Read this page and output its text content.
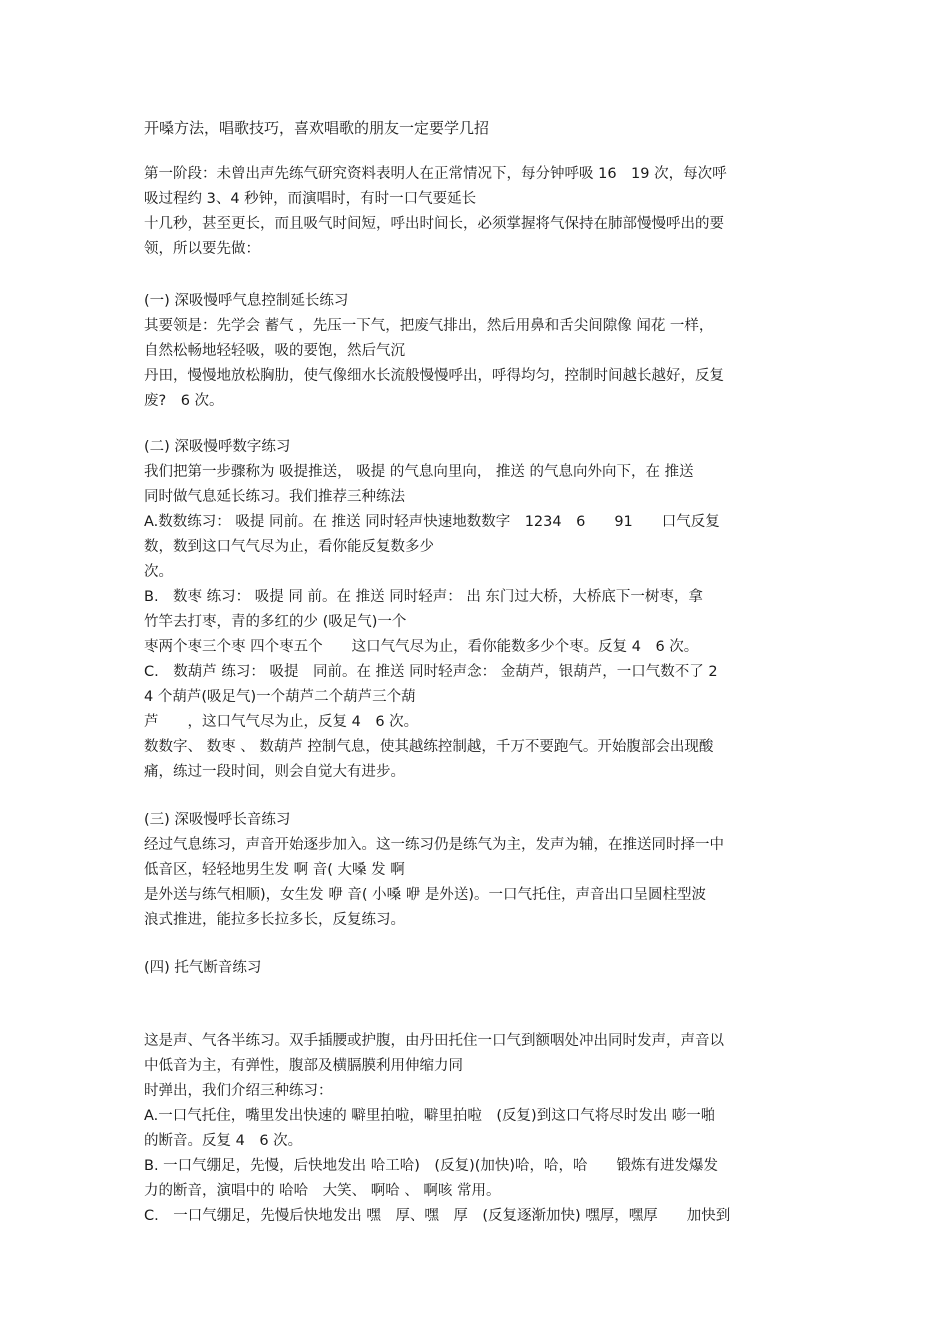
开嗓方法，唱歌技巧，喜欢唱歌的朋友一定要学几招
第一阶段：未曾出声先练气研究资料表明人在正常情况下，每分钟呼吸 16　19 次，每次呼
吸过程约 3、4 秒钟，而演唱时，有时一口气要延长
十几秒，甚至更长，而且吸气时间短，呼出时间长，必须掌握将气保持在肺部慢慢呼出的要
领，所以要先做：
(一) 深吸慢呼气息控制延长练习
其要领是：先学会 蓄气 ，先压一下气，把废气排出，然后用鼻和舌尖间隙像 闻花 一样，
自然松畅地轻轻吸，吸的要饱，然后气沉
丹田，慢慢地放松胸肋，使气像细水长流般慢慢呼出，呼得均匀，控制时间越长越好，反复
废?　6 次。
(二) 深吸慢呼数字练习
我们把第一步骤称为 吸提推送， 吸提 的气息向里向， 推送 的气息向外向下，在 推送
同时做气息延长练习。我们推荐三种练法
A.数数练习： 吸提 同前。在 推送 同时轻声快速地数数字　1234　6　　91　　口气反复
数，数到这口气气尽为止，看你能反复数多少
次。
B.　数枣 练习： 吸提 同 前。在 推送 同时轻声： 出 东门过大桥，大桥底下一树枣，拿
竹竿去打枣，青的多红的少 (吸足气)一个
枣两个枣三个枣 四个枣五个　　这口气气尽为止，看你能数多少个枣。反复 4　6 次。
C.　数葫芦 练习： 吸提　同前。在 推送 同时轻声念： 金葫芦，银葫芦，一口气数不了 2
4 个葫芦(吸足气)一个葫芦二个葫芦三个葫
芦　　，这口气气尽为止，反复 4　6 次。
数数字、 数枣 、 数葫芦 控制气息，使其越练控制越，千万不要跑气。开始腹部会出现酸
痛，练过一段时间，则会自觉大有进步。
(三) 深吸慢呼长音练习
经过气息练习，声音开始逐步加入。这一练习仍是练气为主，发声为辅，在推送同时择一中
低音区，轻轻地男生发 啊 音( 大嗓 发 啊
是外送与练气相顺)，女生发 咿 音( 小嗓 咿 是外送)。一口气托住，声音出口呈圆柱型波
浪式推进，能拉多长拉多长，反复练习。
(四) 托气断音练习
这是声、气各半练习。双手插腰或护腹，由丹田托住一口气到额咽处冲出同时发声，声音以
中低音为主，有弹性，腹部及横膈膜利用伸缩力同
时弹出，我们介绍三种练习：
A.一口气托住，嘴里发出快速的 噼里拍啦，噼里拍啦　(反复)到这口气将尽时发出 嘭一啪
的断音。反复 4　6 次。
B. 一口气绷足，先慢，后快地发出 哈工哈)　(反复)(加快)哈，哈，哈　　锻炼有进发爆发
力的断音，演唱中的 哈哈　大笑、 啊哈 、 啊咳 常用。
C.　一口气绷足，先慢后快地发出 嘿　厚、嘿　厚　(反复逐渐加快) 嘿厚，嘿厚　　加快到
